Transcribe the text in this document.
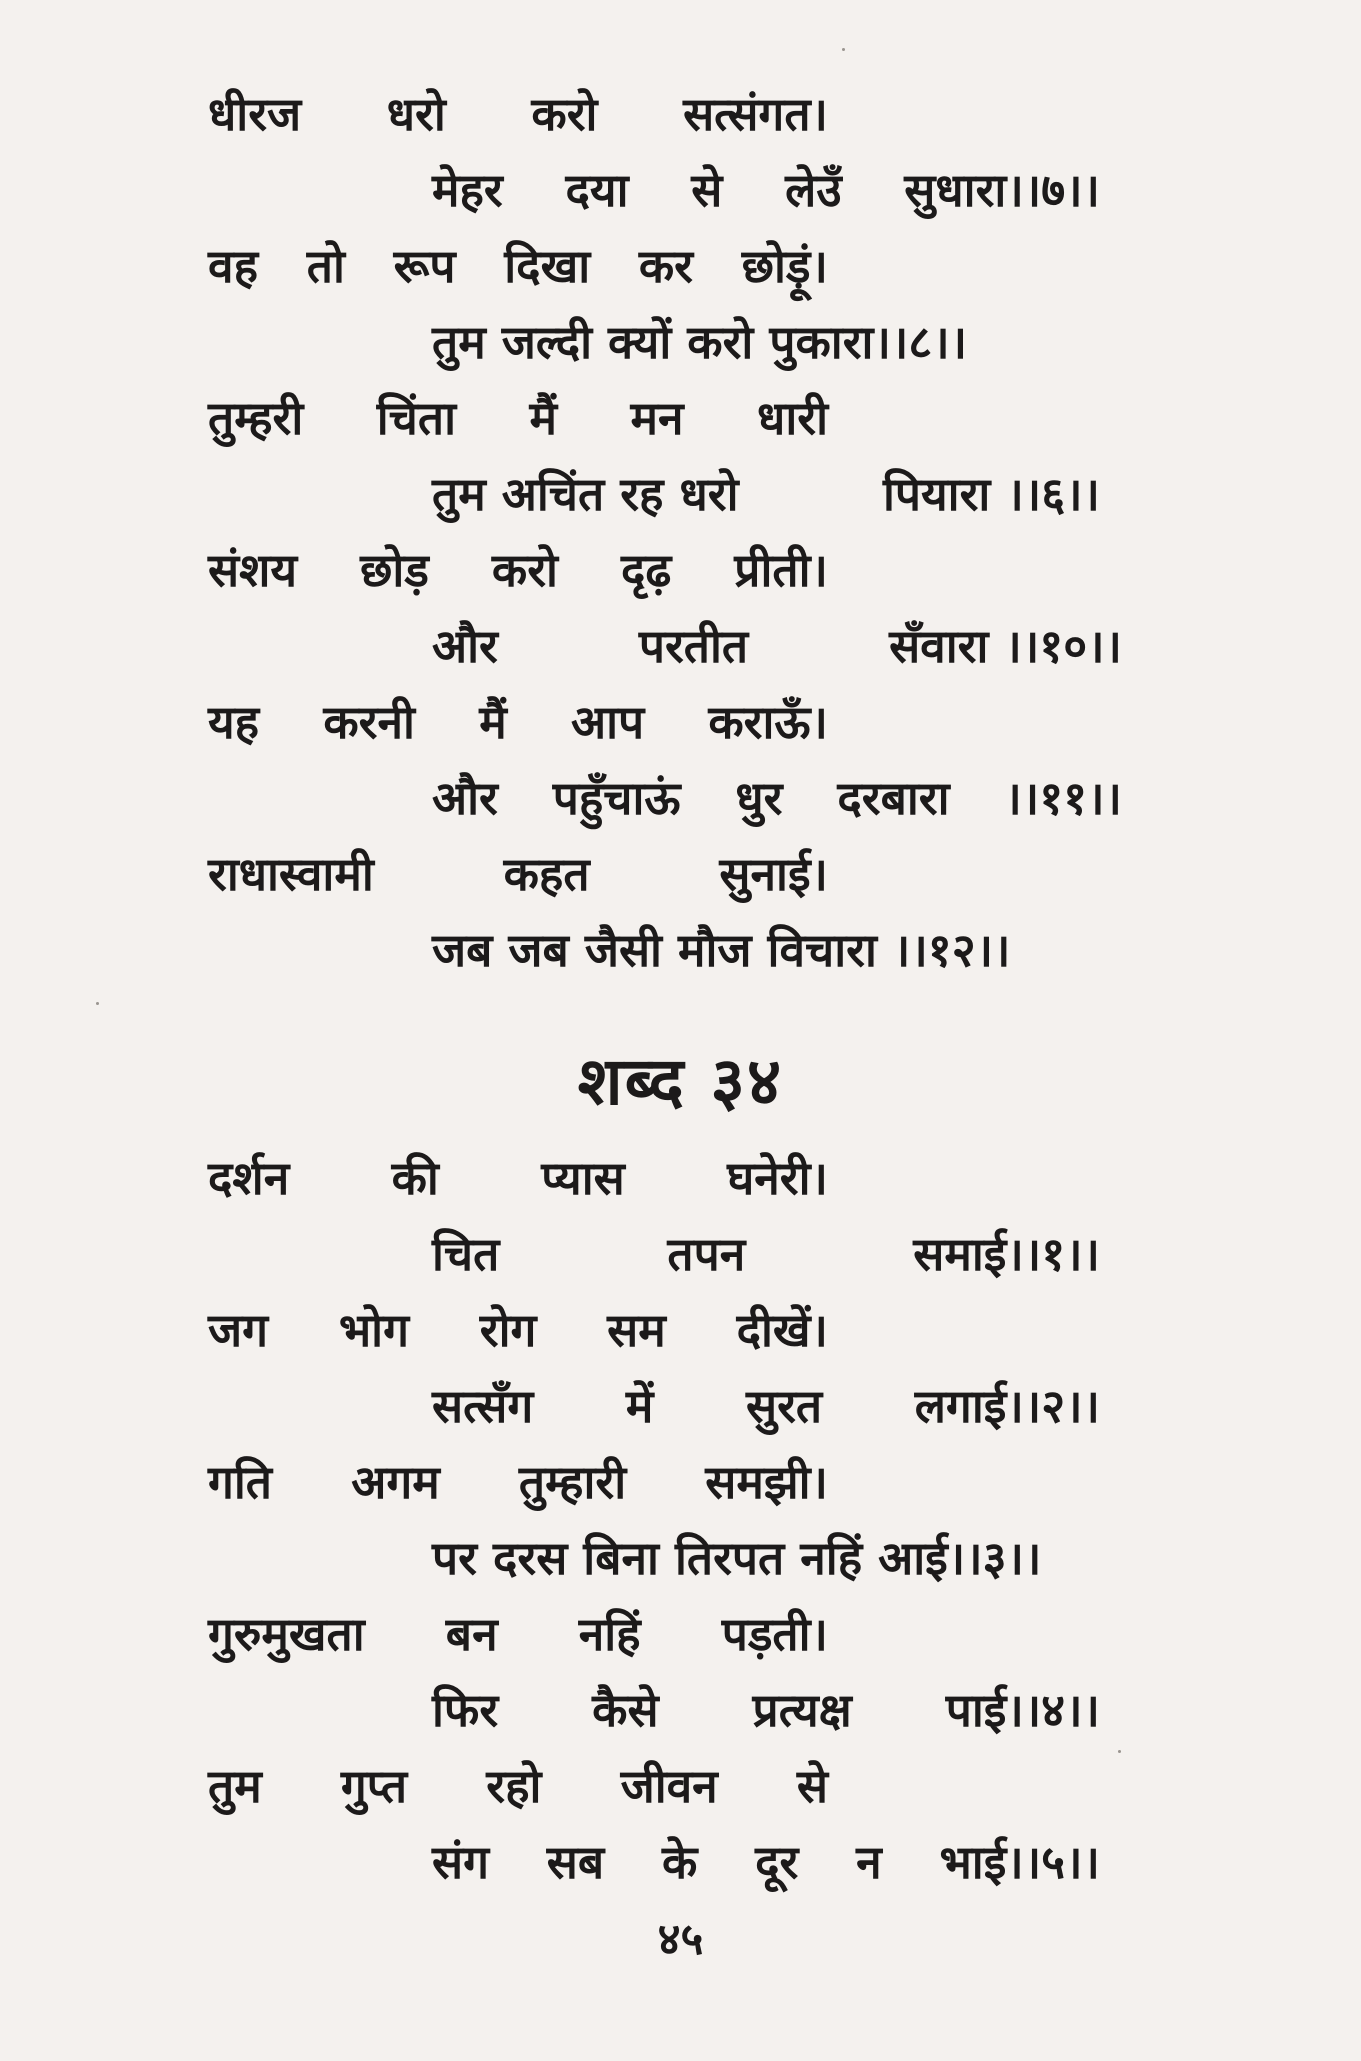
धीरज धरो करो सत्संगत।
मेहर दया से लेउँ सुधारा।।७।।
वह तो रूप दिखा कर छोड़ूं।
तुम जल्दी क्यों करो पुकारा।।८।।
तुम्हरी चिंता मैं मन धारी
तुम अचिंत रह धरो	पियारा ।।६।।
संशय छोड़ करो दृढ़ प्रीती।
और	परतीत	सँवारा ।।१०।।
यह करनी मैं आप कराऊँ।
और पहुँचाऊं धुर दरबारा ।।११।।
राधास्वामी	कहत	सुनाई।
जब जब जैसी मौज विचारा ।।१२।।
शब्द ३४
दर्शन की प्यास घनेरी।
चित	तपन	समाई।।१।।
जग भोग रोग सम दीखें।
सत्सँग में सुरत लगाई।।२।।
गति अगम तुम्हारी समझी।
पर दरस बिना तिरपत नहिं आई।।३।।
गुरुमुखता बन नहिं पड़ती।
फिर कैसे प्रत्यक्ष पाई।।४।।
तुम गुप्त रहो जीवन से
संग सब के दूर न भाई।।५।।
४५
